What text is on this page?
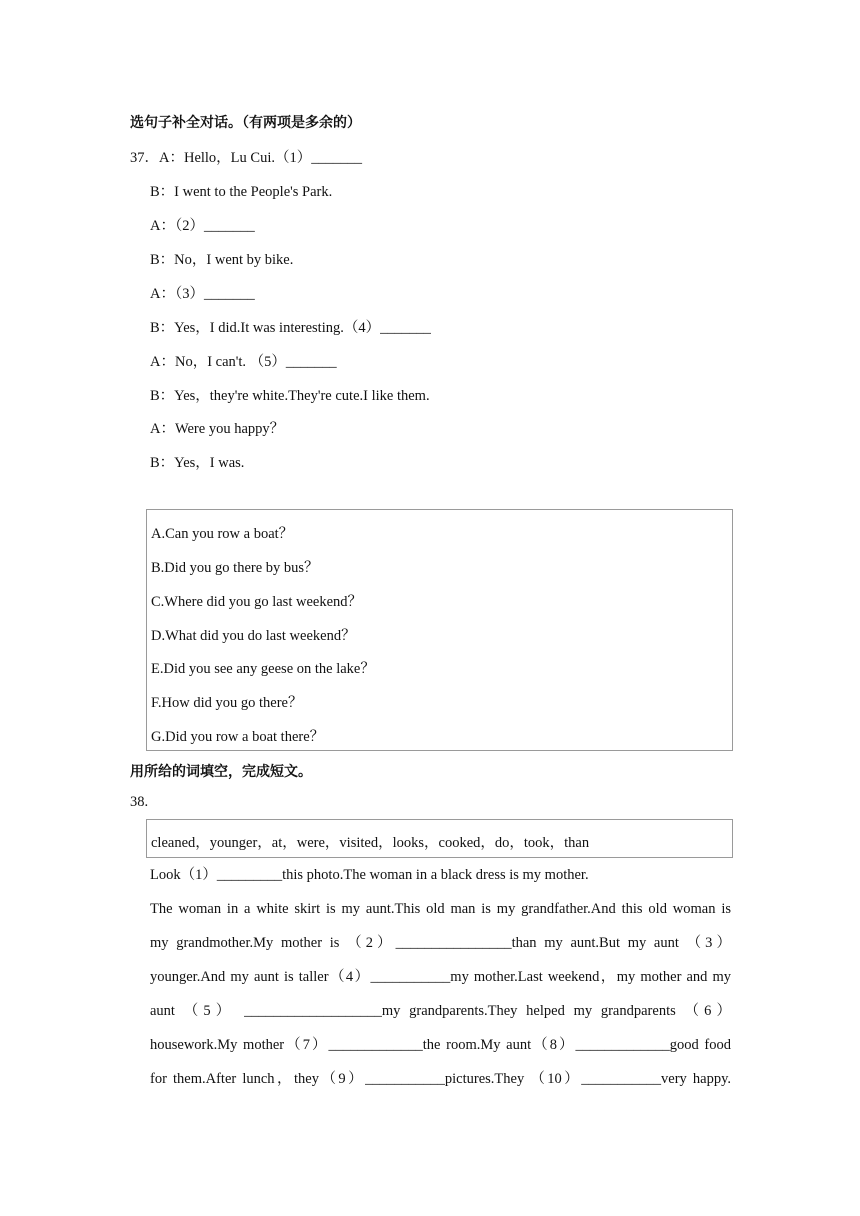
选句子补全对话。（有两项是多余的）
37．A：Hello，Lu Cui.（1）_______
B：I went to the People's Park.
A：（2）_______
B：No，I went by bike.
A：（3）_______
B：Yes，I did.It was interesting.（4）_______
A：No，I can't. （5）_______
B：Yes，they're white.They're cute.I like them.
A：Were you happy？
B：Yes，I was.
A.Can you row a boat？
B.Did you go there by bus？
C.Where did you go last weekend？
D.What did you do last weekend？
E.Did you see any geese on the lake？
F.How did you go there？
G.Did you row a boat there？
用所给的词填空，完成短文。
38.
cleaned，younger，at，were，visited，looks，cooked，do，took，than
Look（1）_________this photo.The woman in a black dress is my mother.
The woman in a white skirt is my aunt.This old man is my grandfather.And this old woman is
my grandmother.My mother is （2）________________than my aunt.But my aunt （3）
younger.And my aunt is taller（4）___________my mother.Last weekend，my mother and my
aunt （5） ___________________my grandparents.They helped my grandparents （6）
housework.My mother（7）_____________the room.My aunt（8）_____________good food
for them.After lunch，they（9）___________pictures.They （10）___________very happy.
